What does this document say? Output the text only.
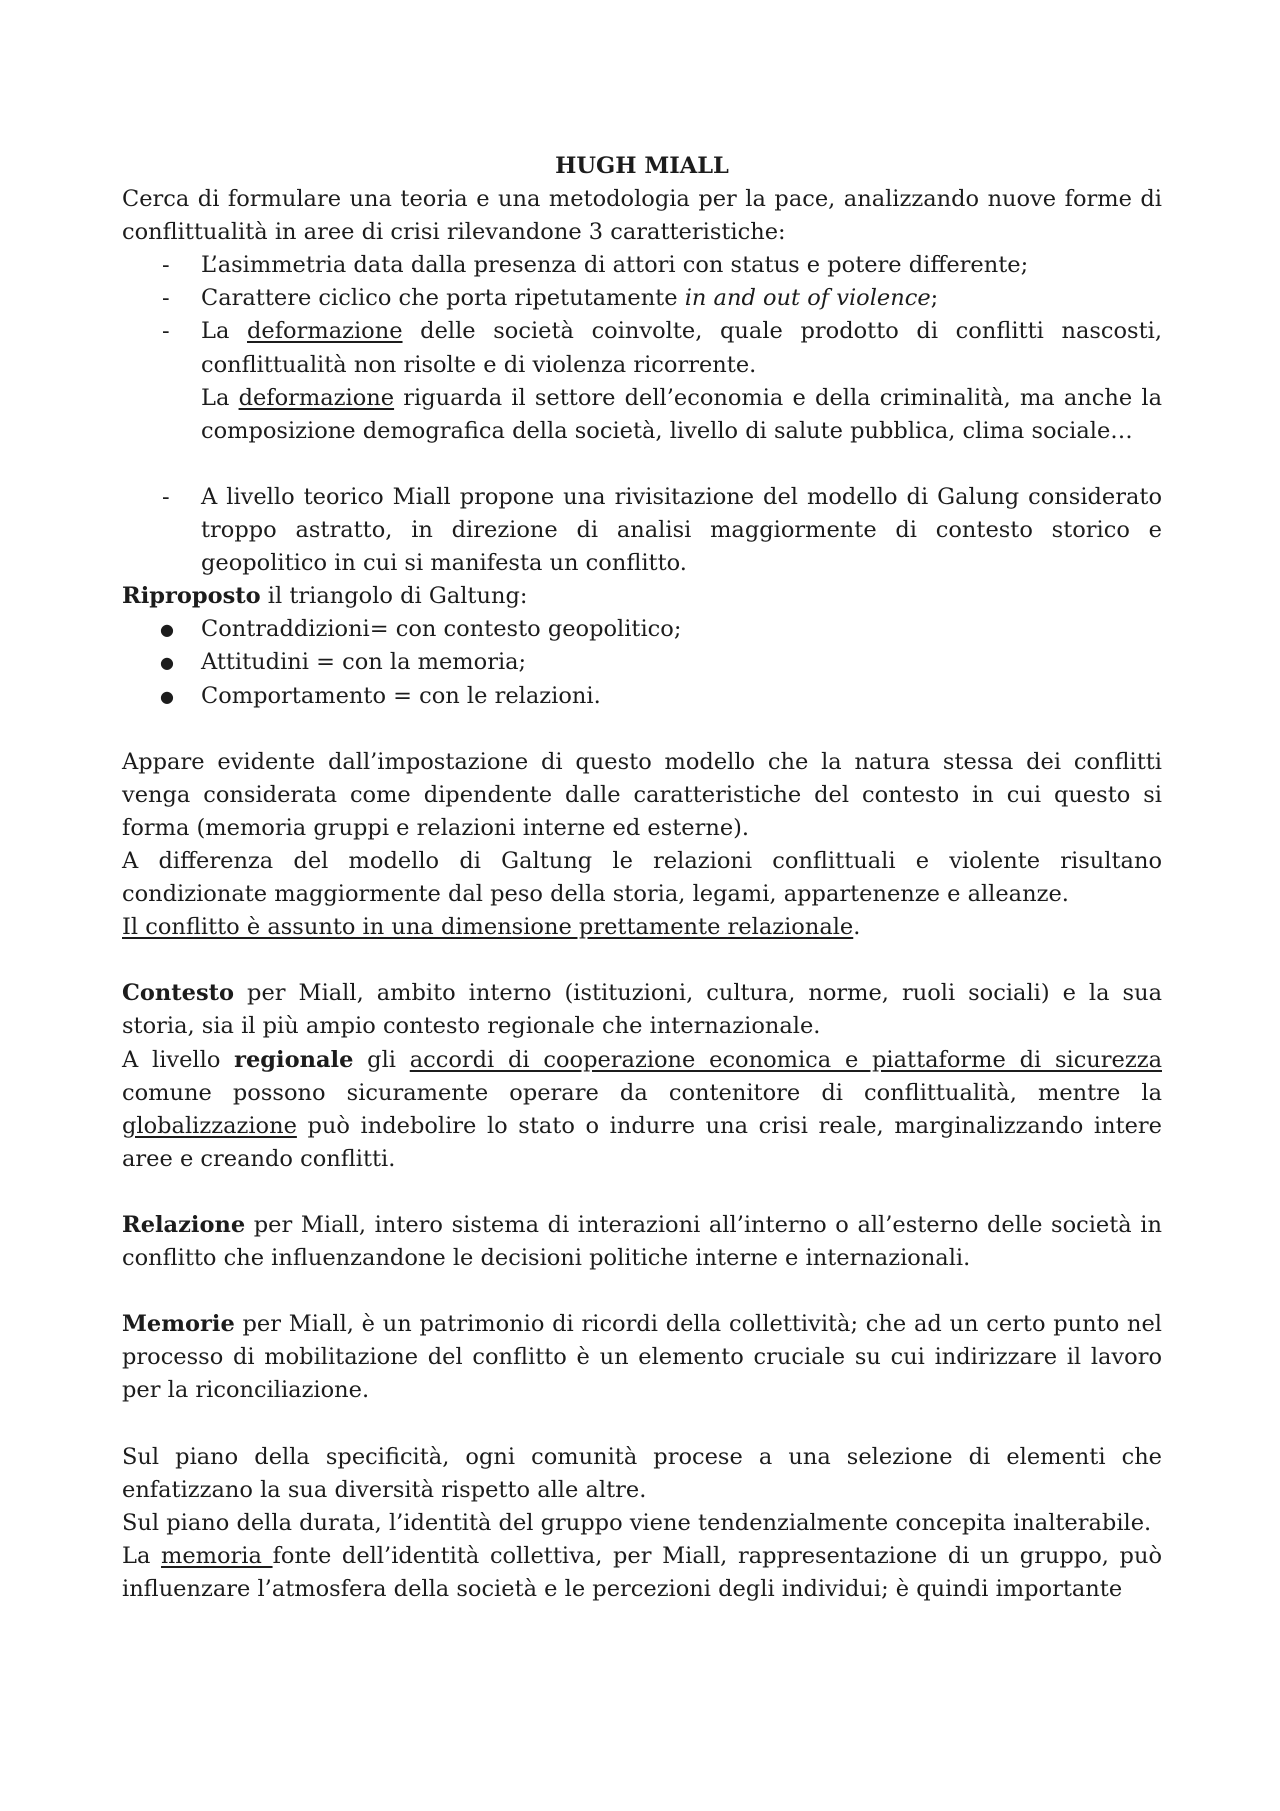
HUGH MIALL

Cerca di formulare una teoria e una metodologia per la pace, analizzando nuove forme di conflittualità in aree di crisi rilevandone 3 caratteristiche:

- L’asimmetria data dalla presenza di attori con status e potere differente;
- Carattere ciclico che porta ripetutamente in and out of violence;
- La deformazione delle società coinvolte, quale prodotto di conflitti nascosti, conflittualità non risolte e di violenza ricorrente.
La deformazione riguarda il settore dell’economia e della criminalità, ma anche la composizione demografica della società, livello di salute pubblica, clima sociale…
- A livello teorico Miall propone una rivisitazione del modello di Galung considerato troppo astratto, in direzione di analisi maggiormente di contesto storico e geopolitico in cui si manifesta un conflitto.

Riproposto il triangolo di Galtung:

● Contraddizioni= con contesto geopolitico;
● Attitudini = con la memoria;
● Comportamento = con le relazioni.

Appare evidente dall’impostazione di questo modello che la natura stessa dei conflitti venga considerata come dipendente dalle caratteristiche del contesto in cui questo si forma (memoria gruppi e relazioni interne ed esterne).

A differenza del modello di Galtung le relazioni conflittuali e violente risultano condizionate maggiormente dal peso della storia, legami, appartenenze e alleanze.

Il conflitto è assunto in una dimensione prettamente relazionale.

Contesto per Miall, ambito interno (istituzioni, cultura, norme, ruoli sociali) e la sua storia, sia il più ampio contesto regionale che internazionale.

A livello regionale gli accordi di cooperazione economica e piattaforme di sicurezza comune possono sicuramente operare da contenitore di conflittualità, mentre la globalizzazione può indebolire lo stato o indurre una crisi reale, marginalizzando intere aree e creando conflitti.

Relazione per Miall, intero sistema di interazioni all’interno o all’esterno delle società in conflitto che influenzandone le decisioni politiche interne e internazionali.

Memorie per Miall, è un patrimonio di ricordi della collettività; che ad un certo punto nel processo di mobilitazione del conflitto è un elemento cruciale su cui indirizzare il lavoro per la riconciliazione.

Sul piano della specificità, ogni comunità procese a una selezione di elementi che enfatizzano la sua diversità rispetto alle altre.

Sul piano della durata, l’identità del gruppo viene tendenzialmente concepita inalterabile.

La memoria fonte dell’identità collettiva, per Miall, rappresentazione di un gruppo, può influenzare l’atmosfera della società e le percezioni degli individui; è quindi importante
